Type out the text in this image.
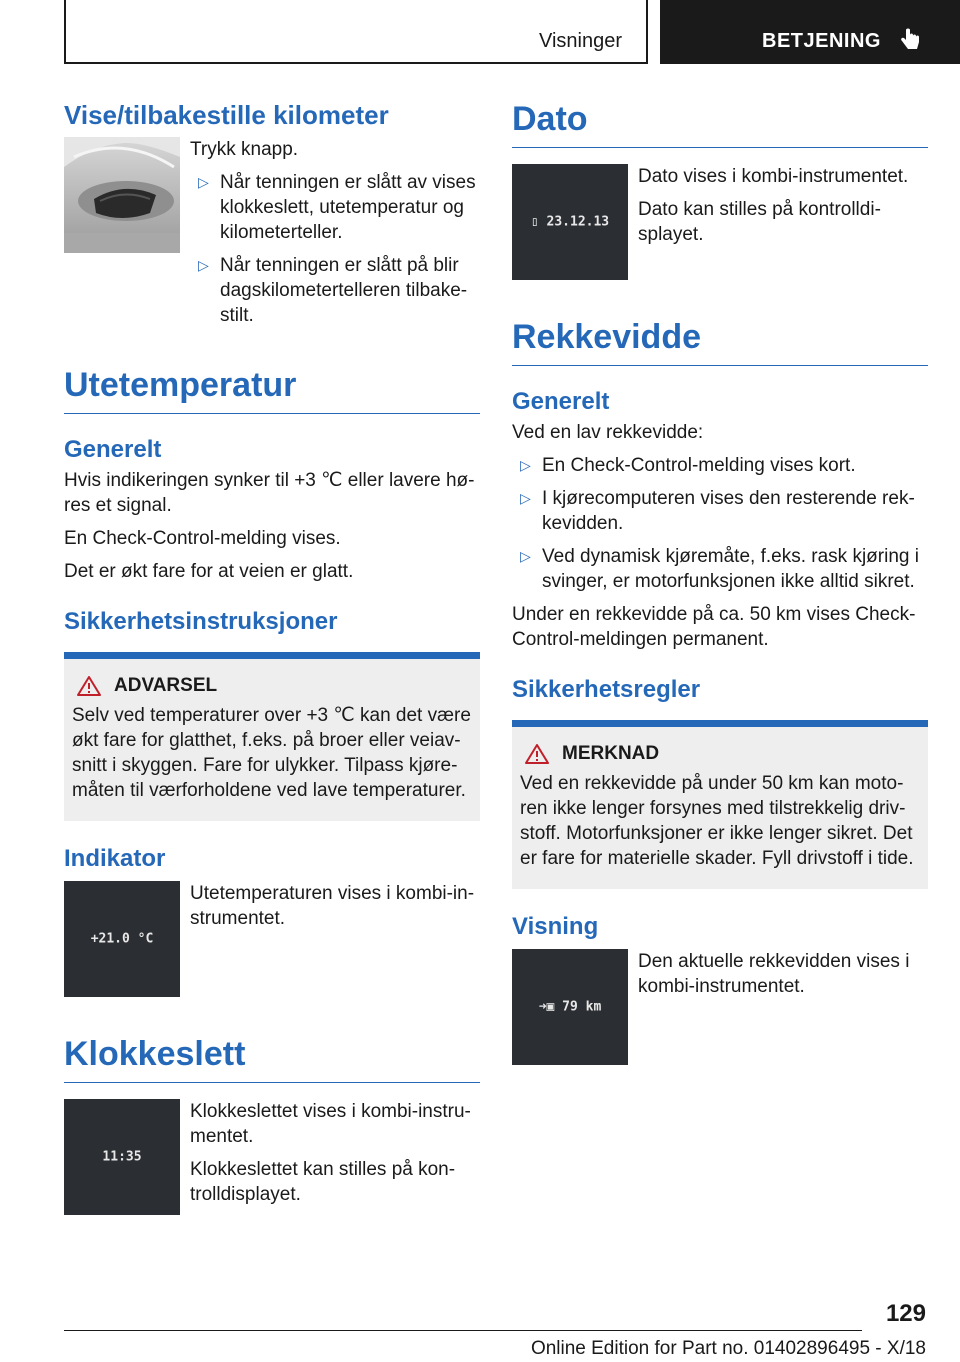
Visninger	BETJENING
Vise/tilbakestille kilometer

Trykk knapp.

▷ Når tenningen er slått av vises klokkeslett, utetemperatur og kilometerteller.
▷ Når tenningen er slått på blir dagskilometertelleren tilbake-stilt.
Utetemperatur
Generelt

Hvis indikeringen synker til +3 ℃ eller lavere hø-res et signal.

En Check-Control-melding vises.

Det er økt fare for at veien er glatt.

Sikkerhetsinstruksjoner
ADVARSEL

Selv ved temperaturer over +3 ℃ kan det være økt fare for glatthet, f.eks. på broer eller veiav-snitt i skyggen. Fare for ulykker. Tilpass kjøre-måten til værforholdene ved lave temperaturer.

Indikator
+21.0 °C

Utetemperaturen vises i kombi-in-strumentet.

Klokkeslett
11:35

Klokkeslettet vises i kombi-instru-mentet.

Klokkeslettet kan stilles på kon-trolldisplayet.

Dato
▯ 23.12.13

Dato vises i kombi-instrumentet.

Dato kan stilles på kontrolldi-splayet.

Rekkevidde
Generelt

Ved en lav rekkevidde:

▷ En Check-Control-melding vises kort.
▷ I kjørecomputeren vises den resterende rek-kevidden.
▷ Ved dynamisk kjøremåte, f.eks. rask kjøring i svinger, er motorfunksjonen ikke alltid sikret.

Under en rekkevidde på ca. 50 km vises Check-Control-meldingen permanent.

Sikkerhetsregler
MERKNAD

Ved en rekkevidde på under 50 km kan moto-ren ikke lenger forsynes med tilstrekkelig driv-stoff. Motorfunksjoner er ikke lenger sikret. Det er fare for materielle skader. Fyll drivstoff i tide.

Visning
➜▣ 79 km

Den aktuelle rekkevidden vises i kombi-instrumentet.

129
Online Edition for Part no. 01402896495 - X/18
